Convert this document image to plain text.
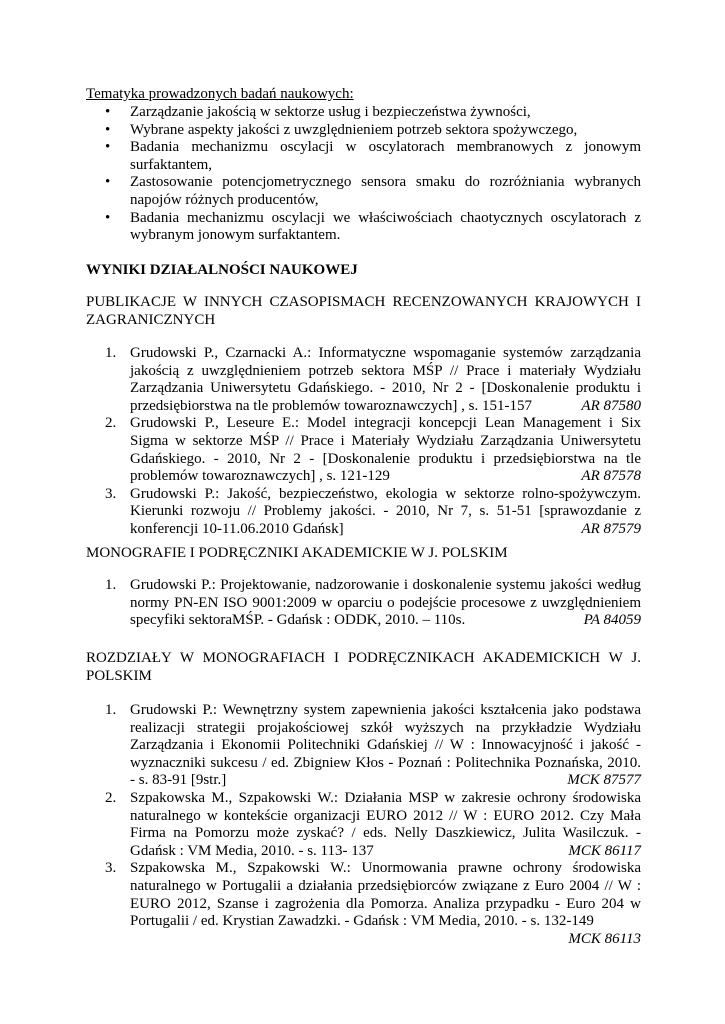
Tematyka prowadzonych badań naukowych:
• Zarządzanie jakością w sektorze usług i bezpieczeństwa żywności,
• Wybrane aspekty jakości z uwzględnieniem potrzeb sektora spożywczego,
• Badania mechanizmu oscylacji w oscylatorach membranowych z jonowym surfaktantem,
• Zastosowanie potencjometrycznego sensora smaku do rozróżniania wybranych napojów różnych producentów,
• Badania mechanizmu oscylacji we właściwościach chaotycznych oscylatorach z wybranym jonowym surfaktantem.
WYNIKI DZIAŁALNOŚCI NAUKOWEJ
PUBLIKACJE W INNYCH CZASOPISMACH RECENZOWANYCH KRAJOWYCH I ZAGRANICZNYCH
1. Grudowski P., Czarnacki A.: Informatyczne wspomaganie systemów zarządzania jakością z uwzględnieniem potrzeb sektora MŚP // Prace i materiały Wydziału Zarządzania Uniwersytetu Gdańskiego. - 2010, Nr 2 - [Doskonalenie produktu i przedsiębiorstwa na tle problemów towaroznawczych] , s. 151-157	AR 87580
2. Grudowski P., Leseure E.: Model integracji koncepcji Lean Management i Six Sigma w sektorze MŚP // Prace i Materiały Wydziału Zarządzania Uniwersytetu Gdańskiego. - 2010, Nr 2 - [Doskonalenie produktu i przedsiębiorstwa na tle problemów towaroznawczych] , s. 121-129	AR 87578
3. Grudowski P.: Jakość, bezpieczeństwo, ekologia w sektorze rolno-spożywczym. Kierunki rozwoju // Problemy jakości. - 2010, Nr 7, s. 51-51 [sprawozdanie z konferencji 10-11.06.2010 Gdańsk]	AR 87579
MONOGRAFIE I PODRĘCZNIKI AKADEMICKIE W J. POLSKIM
1. Grudowski P.: Projektowanie, nadzorowanie i doskonalenie systemu jakości według normy PN-EN ISO 9001:2009 w oparciu o podejście procesowe z uwzględnieniem specyfiki sektoraMŚP. - Gdańsk : ODDK, 2010. – 110s.	PA 84059
ROZDZIAŁY W MONOGRAFIACH I PODRĘCZNIKACH AKADEMICKICH W J. POLSKIM
1. Grudowski P.: Wewnętrzny system zapewnienia jakości kształcenia jako podstawa realizacji strategii projakościowej szkół wyższych na przykładzie Wydziału Zarządzania i Ekonomii Politechniki Gdańskiej // W : Innowacyjność i jakość - wyznaczniki sukcesu / ed. Zbigniew Kłos - Poznań : Politechnika Poznańska, 2010. - s. 83-91 [9str.]	MCK 87577
2. Szpakowska M., Szpakowski W.: Działania MSP w zakresie ochrony środowiska naturalnego w kontekście organizacji EURO 2012 // W : EURO 2012. Czy Mała Firma na Pomorzu może zyskać? / eds. Nelly Daszkiewicz, Julita Wasilczuk. - Gdańsk : VM Media, 2010. - s. 113- 137	MCK 86117
3. Szpakowska M., Szpakowski W.: Unormowania prawne ochrony środowiska naturalnego w Portugalii a działania przedsiębiorców związane z Euro 2004 // W : EURO 2012, Szanse i zagrożenia dla Pomorza. Analiza przypadku - Euro 204 w Portugalii / ed. Krystian Zawadzki. - Gdańsk : VM Media, 2010. - s. 132-149
MCK 86113
